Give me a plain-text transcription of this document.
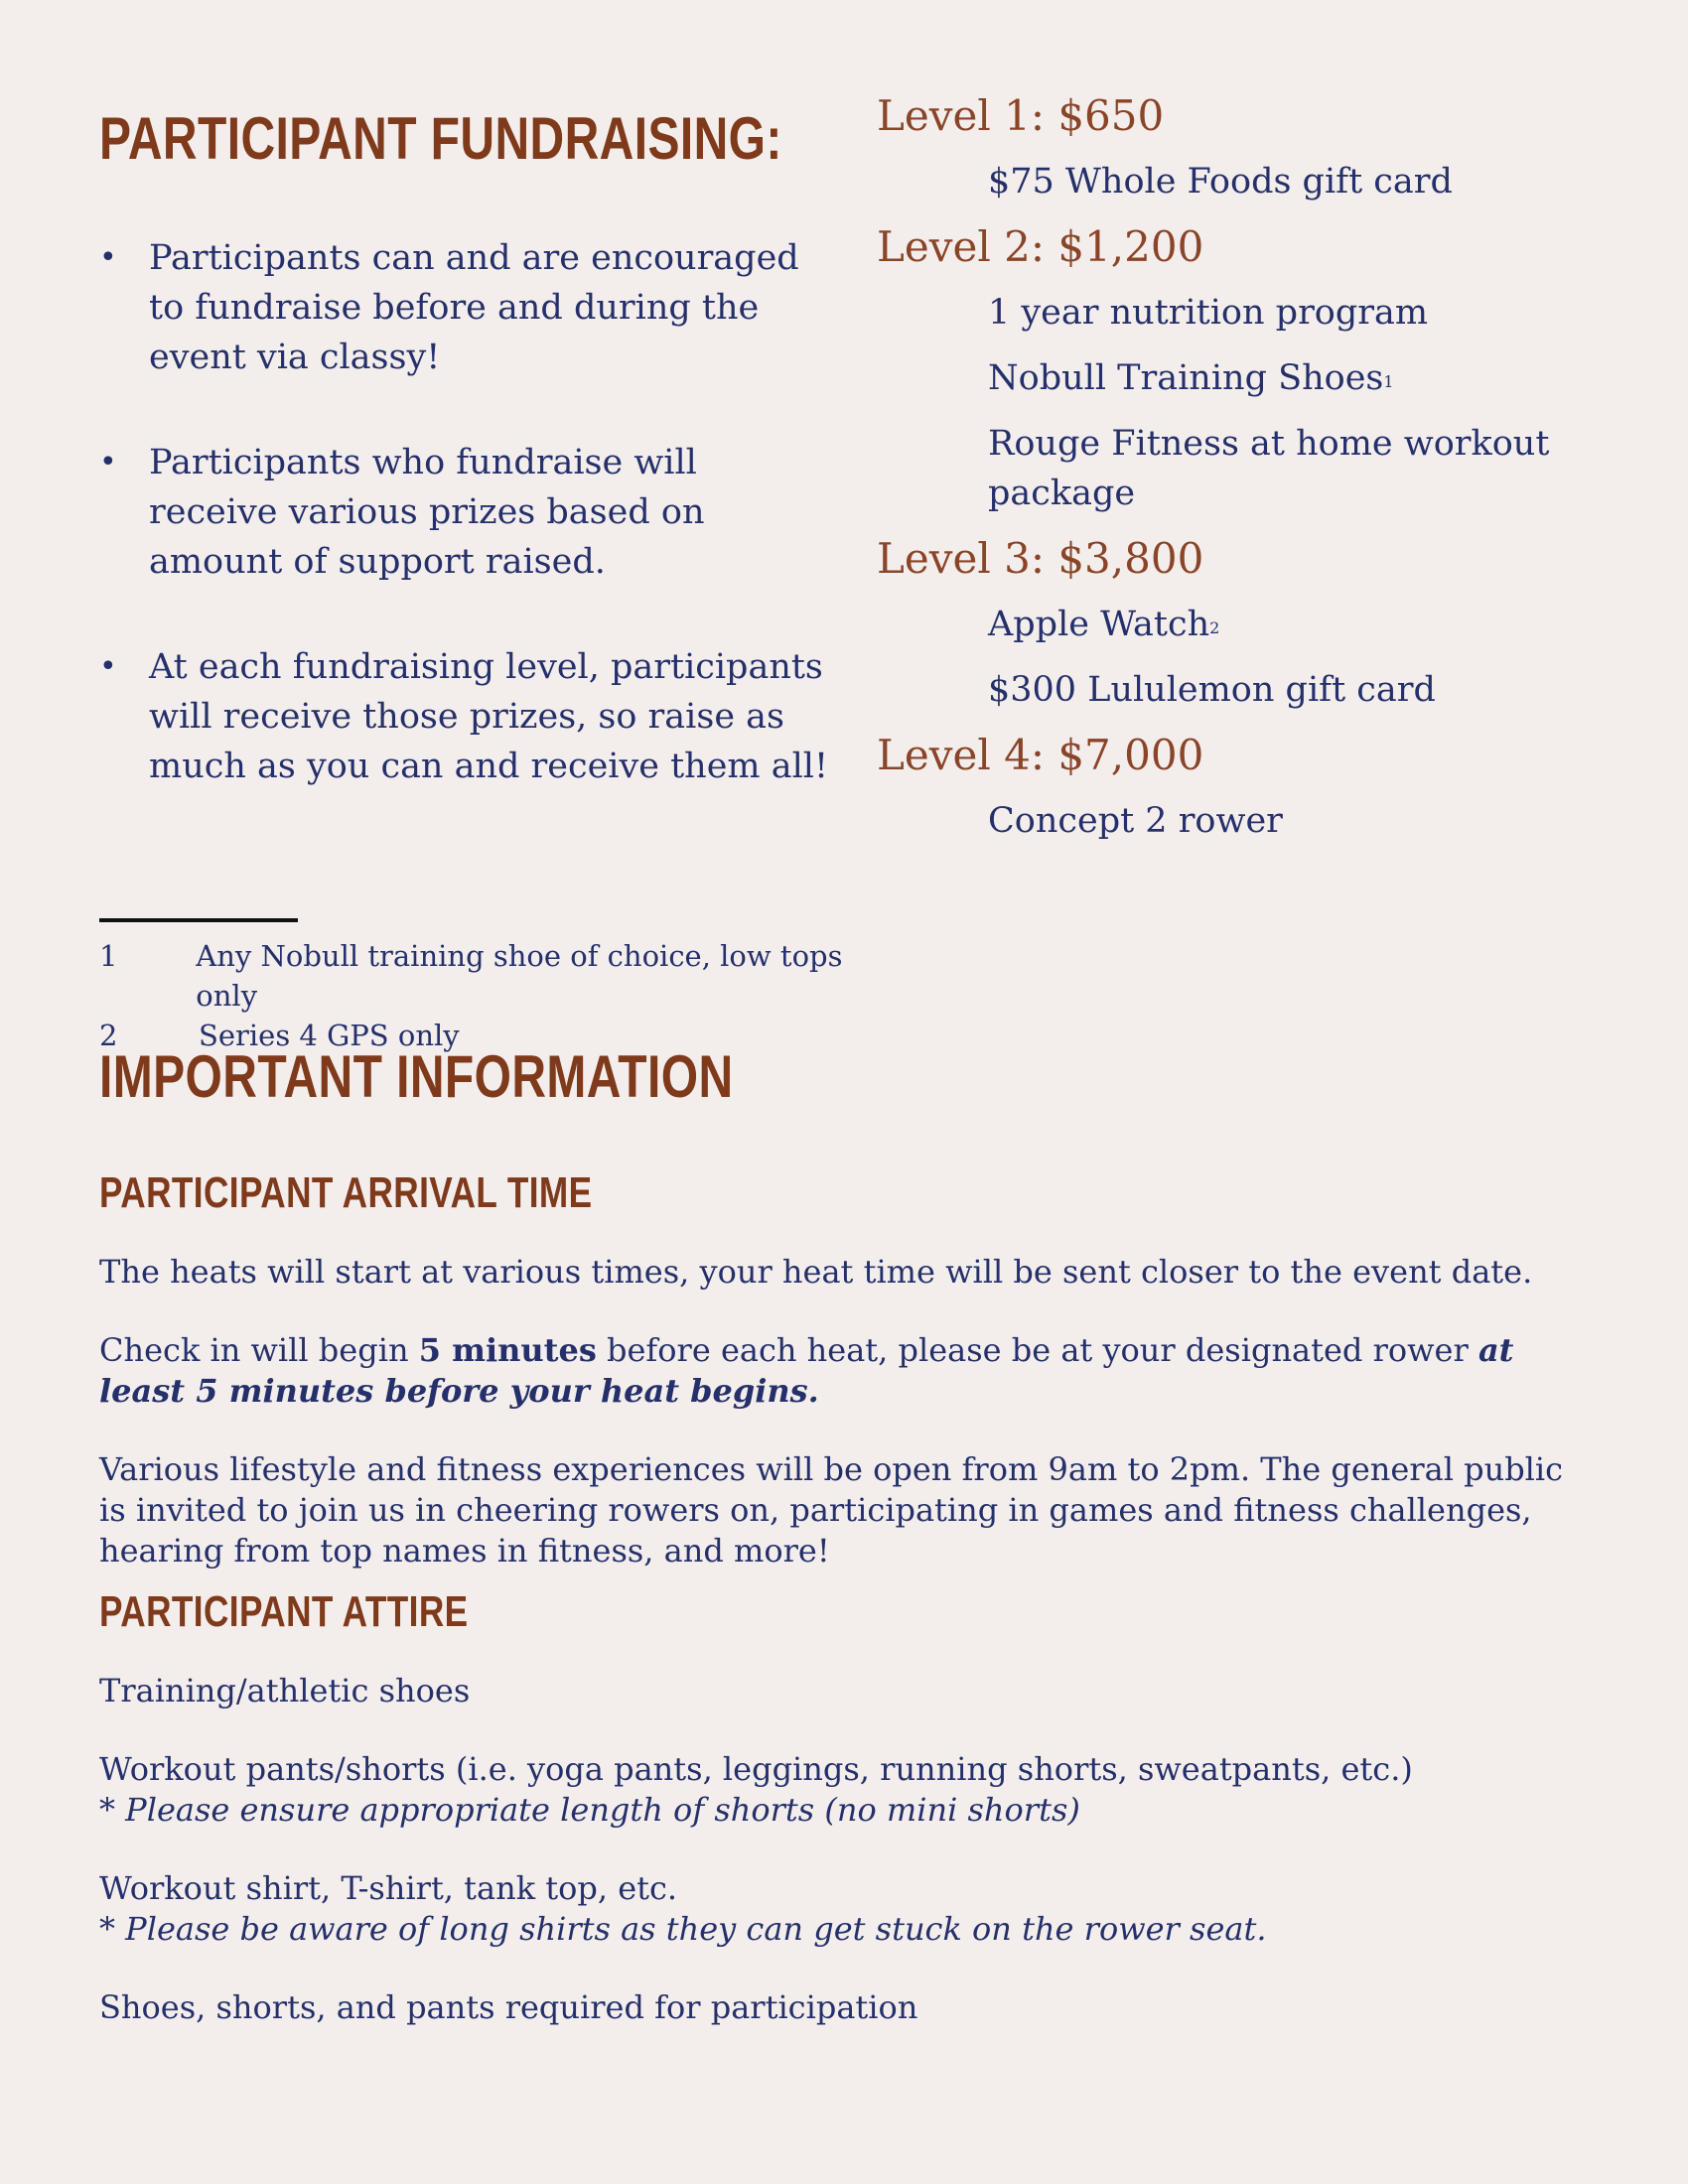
PARTICIPANT FUNDRAISING:
• Participants can and are encouraged to fundraise before and during the event via classy!
• Participants who fundraise will receive various prizes based on amount of support raised.
• At each fundraising level, participants will receive those prizes, so raise as much as you can and receive them all!
Level 1: $650
$75 Whole Foods gift card
Level 2: $1,200
1 year nutrition program
Nobull Training Shoes$^1$
Rouge Fitness at home workout package
Level 3: $3,800
Apple Watch$^2$
$300 Lululemon gift card
Level 4: $7,000
Concept 2 rower
1	Any Nobull training shoe of choice, low tops only
2	Series 4 GPS only
IMPORTANT INFORMATION
PARTICIPANT ARRIVAL TIME

The heats will start at various times, your heat time will be sent closer to the event date.

Check in will begin 5 minutes before each heat, please be at your designated rower at least 5 minutes before your heat begins.

Various lifestyle and fitness experiences will be open from 9am to 2pm. The general public is invited to join us in cheering rowers on, participating in games and fitness challenges, hearing from top names in fitness, and more!

PARTICIPANT ATTIRE

Training/athletic shoes

Workout pants/shorts (i.e. yoga pants, leggings, running shorts, sweatpants, etc.)

* Please ensure appropriate length of shorts (no mini shorts)

Workout shirt, T-shirt, tank top, etc.

* Please be aware of long shirts as they can get stuck on the rower seat.

Shoes, shorts, and pants required for participation
